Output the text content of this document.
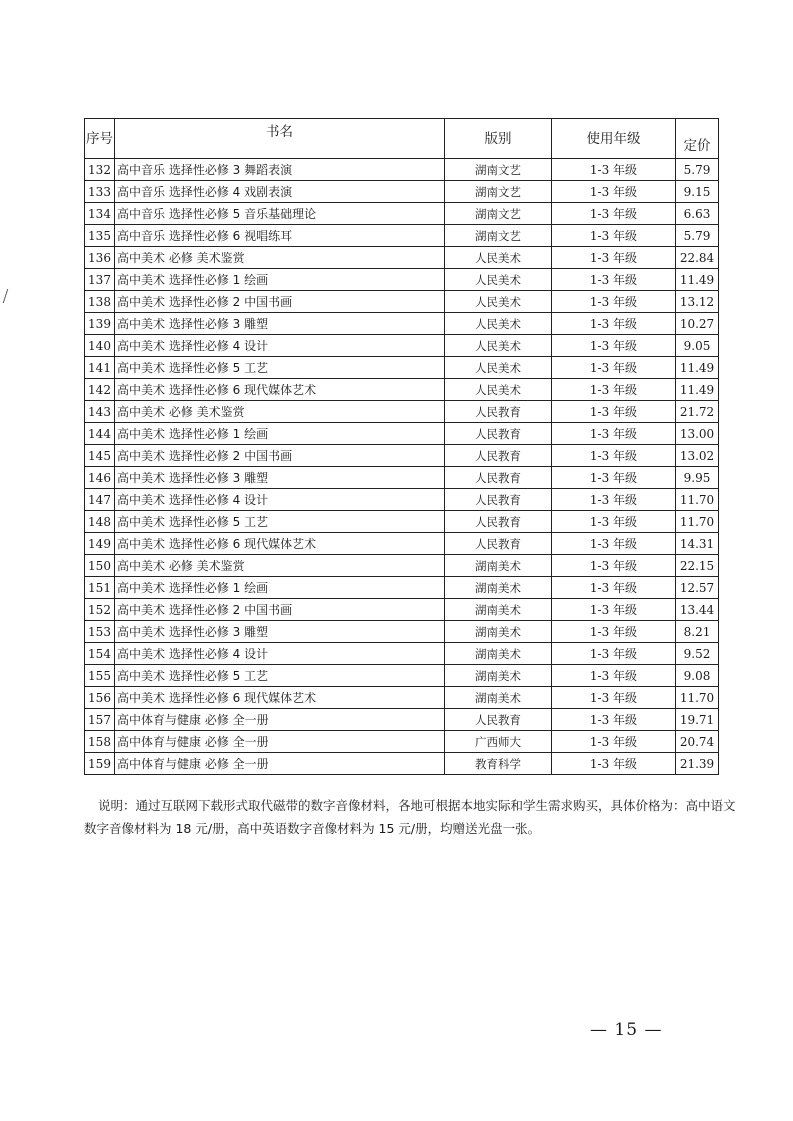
序号	书名	版别	使用年级	定价
132	高中音乐 选择性必修 3 舞蹈表演	湖南文艺	1-3 年级	5.79
133	高中音乐 选择性必修 4 戏剧表演	湖南文艺	1-3 年级	9.15
134	高中音乐 选择性必修 5 音乐基础理论	湖南文艺	1-3 年级	6.63
135	高中音乐 选择性必修 6 视唱练耳	湖南文艺	1-3 年级	5.79
136	高中美术 必修 美术鉴赏	人民美术	1-3 年级	22.84
137	高中美术 选择性必修 1 绘画	人民美术	1-3 年级	11.49
138	高中美术 选择性必修 2 中国书画	人民美术	1-3 年级	13.12
139	高中美术 选择性必修 3 雕塑	人民美术	1-3 年级	10.27
140	高中美术 选择性必修 4 设计	人民美术	1-3 年级	9.05
141	高中美术 选择性必修 5 工艺	人民美术	1-3 年级	11.49
142	高中美术 选择性必修 6 现代媒体艺术	人民美术	1-3 年级	11.49
143	高中美术 必修 美术鉴赏	人民教育	1-3 年级	21.72
144	高中美术 选择性必修 1 绘画	人民教育	1-3 年级	13.00
145	高中美术 选择性必修 2 中国书画	人民教育	1-3 年级	13.02
146	高中美术 选择性必修 3 雕塑	人民教育	1-3 年级	9.95
147	高中美术 选择性必修 4 设计	人民教育	1-3 年级	11.70
148	高中美术 选择性必修 5 工艺	人民教育	1-3 年级	11.70
149	高中美术 选择性必修 6 现代媒体艺术	人民教育	1-3 年级	14.31
150	高中美术 必修 美术鉴赏	湖南美术	1-3 年级	22.15
151	高中美术 选择性必修 1 绘画	湖南美术	1-3 年级	12.57
152	高中美术 选择性必修 2 中国书画	湖南美术	1-3 年级	13.44
153	高中美术 选择性必修 3 雕塑	湖南美术	1-3 年级	8.21
154	高中美术 选择性必修 4 设计	湖南美术	1-3 年级	9.52
155	高中美术 选择性必修 5 工艺	湖南美术	1-3 年级	9.08
156	高中美术 选择性必修 6 现代媒体艺术	湖南美术	1-3 年级	11.70
157	高中体育与健康 必修 全一册	人民教育	1-3 年级	19.71
158	高中体育与健康 必修 全一册	广西师大	1-3 年级	20.74
159	高中体育与健康 必修 全一册	教育科学	1-3 年级	21.39

说明：通过互联网下载形式取代磁带的数字音像材料，各地可根据本地实际和学生需求购买，具体价格为：高中语文数字音像材料为 18 元/册，高中英语数字音像材料为 15 元/册，均赠送光盘一张。

— 15 —
